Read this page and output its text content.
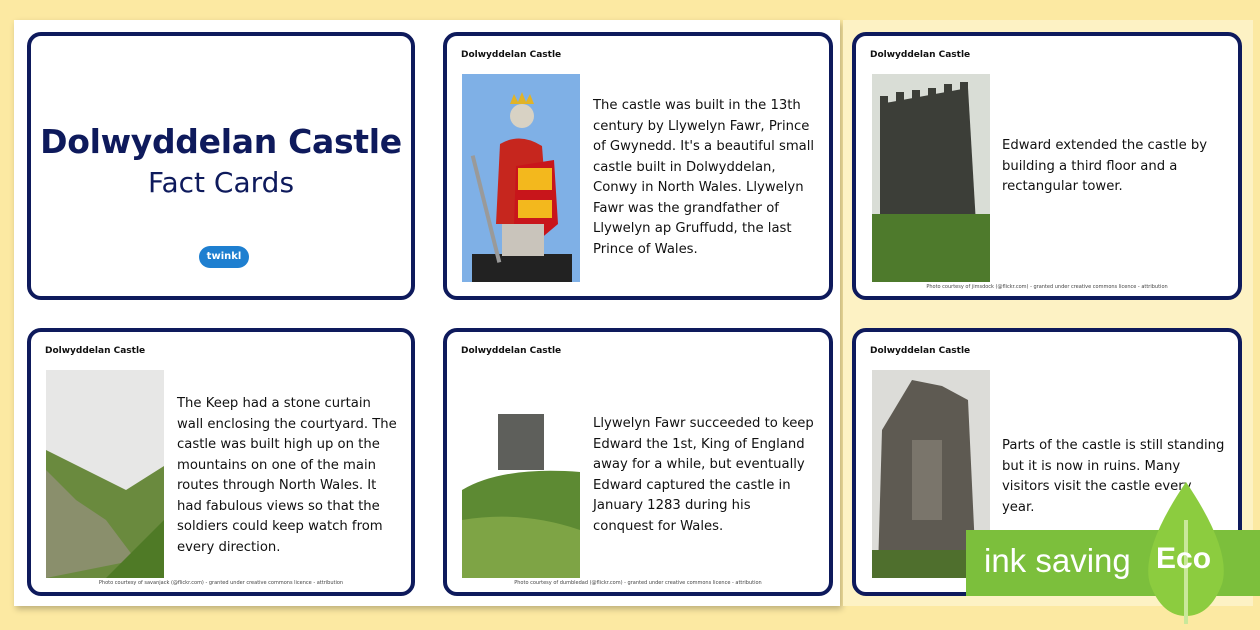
Dolwyddelan Castle
Fact Cards
twinkl
Dolwyddelan Castle
The castle was built in the 13th century by Llywelyn Fawr, Prince of Gwynedd. It's a beautiful small castle built in Dolwyddelan, Conwy in North Wales. Llywelyn Fawr was the grandfather of Llywelyn ap Gruffudd, the last Prince of Wales.
Dolwyddelan Castle
Edward extended the castle by building a third floor and a rectangular tower.
Photo courtesy of jimsdock (@flickr.com) - granted under creative commons licence - attribution
Dolwyddelan Castle
The Keep had a stone curtain wall enclosing the courtyard. The castle was built high up on the mountains on one of the main routes through North Wales. It had fabulous views so that the soldiers could keep watch from every direction.
Photo courtesy of savanjack (@flickr.com) - granted under creative commons licence - attribution
Dolwyddelan Castle
Llywelyn Fawr succeeded to keep Edward the 1st, King of England away for a while, but eventually Edward captured the castle in January 1283 during his conquest for Wales.
Photo courtesy of dumbledad (@flickr.com) - granted under creative commons licence - attribution
Dolwyddelan Castle
Parts of the castle is still standing but it is now in ruins. Many visitors visit the castle every year.
ink saving Eco
